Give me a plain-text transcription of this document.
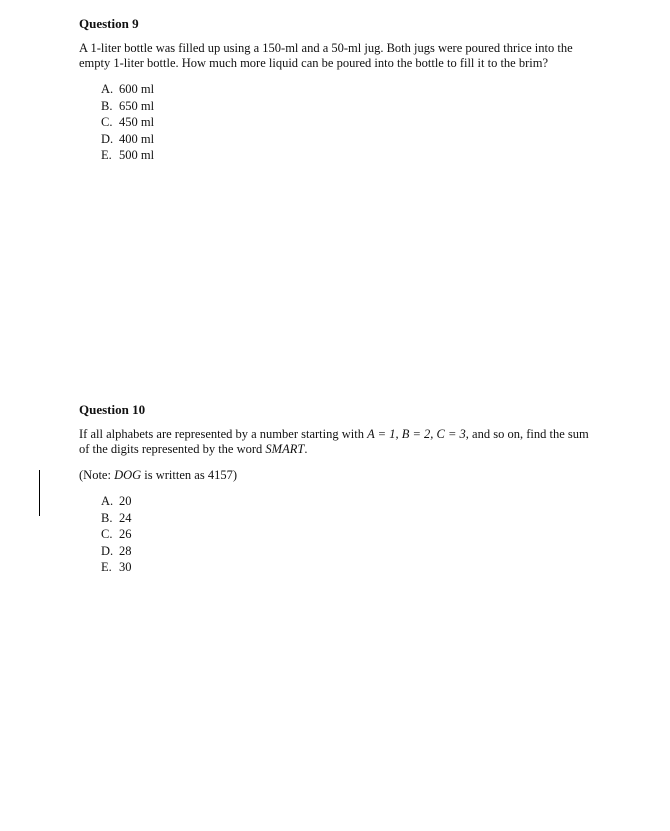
Question 9

A 1-liter bottle was filled up using a 150-ml and a 50-ml jug. Both jugs were poured thrice into the empty 1-liter bottle. How much more liquid can be poured into the bottle to fill it to the brim?

A. 600 ml
B. 650 ml
C. 450 ml
D. 400 ml
E. 500 ml

Question 10

If all alphabets are represented by a number starting with A = 1, B = 2, C = 3, and so on, find the sum of the digits represented by the word SMART.

(Note: DOG is written as 4157)

A. 20
B. 24
C. 26
D. 28
E. 30
